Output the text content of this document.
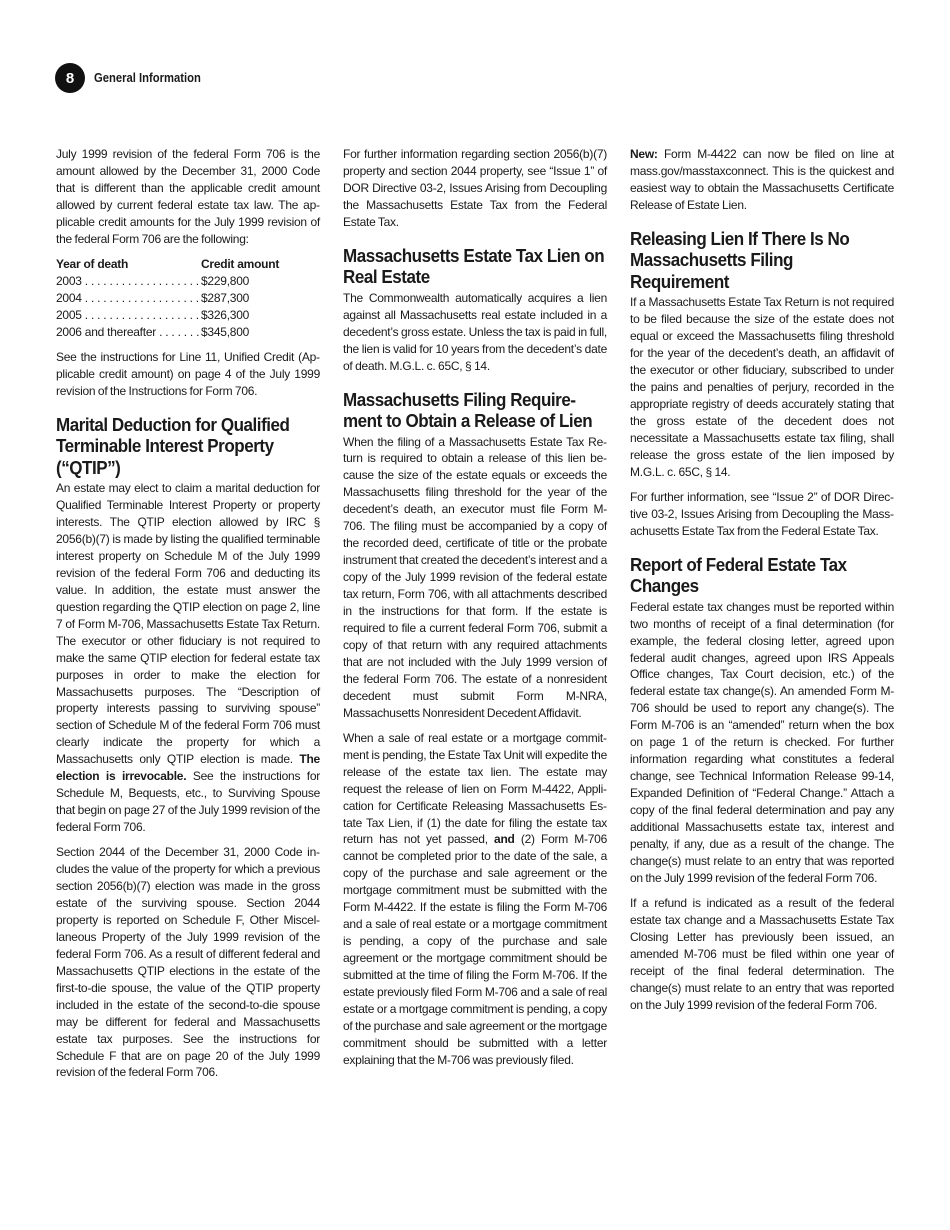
8	General Information

July 1999 revision of the federal Form 706 is the amount allowed by the December 31, 2000 Code that is different than the applicable credit amount allowed by current federal estate tax law. The applicable credit amounts for the July 1999 revision of the federal Form 706 are the following:

Year of death	Credit amount
2003 . . .	$229,800
2004 . . .	$287,300
2005 . . .	$326,300
2006 and thereafter . . .	$345,800

See the instructions for Line 11, Unified Credit (Applicable credit amount) on page 4 of the July 1999 revision of the Instructions for Form 706.

Marital Deduction for Qualified Terminable Interest Property (“QTIP”)

An estate may elect to claim a marital deduction for Qualified Terminable Interest Property or property interests. The QTIP election allowed by IRC § 2056(b)(7) is made by listing the qualified terminable interest property on Schedule M of the July 1999 revision of the federal Form 706 and deducting its value. In addition, the estate must answer the question regarding the QTIP election on page 2, line 7 of Form M-706, Massachusetts Estate Tax Return. The executor or other fiduciary is not required to make the same QTIP election for federal estate tax purposes in order to make the election for Massachusetts purposes. The “Description of property interests passing to surviving spouse” section of Schedule M of the federal Form 706 must clearly indicate the property for which a Massachusetts only QTIP election is made. The election is irrevocable. See the instructions for Schedule M, Bequests, etc., to Surviving Spouse that begin on page 27 of the July 1999 revision of the federal Form 706.

Section 2044 of the December 31, 2000 Code includes the value of the property for which a previous section 2056(b)(7) election was made in the gross estate of the surviving spouse. Section 2044 property is reported on Schedule F, Other Miscellaneous Property of the July 1999 revision of the federal Form 706. As a result of different federal and Massachusetts QTIP elections in the estate of the first-to-die spouse, the value of the QTIP property included in the estate of the second-to-die spouse may be different for federal and Massachusetts estate tax purposes. See the instructions for Schedule F that are on page 20 of the July 1999 revision of the federal Form 706.

For further information regarding section 2056(b)(7) property and section 2044 property, see “Issue 1” of DOR Directive 03-2, Issues Arising from Decoupling the Massachusetts Estate Tax from the Federal Estate Tax.

Massachusetts Estate Tax Lien on Real Estate

The Commonwealth automatically acquires a lien against all Massachusetts real estate included in a decedent’s gross estate. Unless the tax is paid in full, the lien is valid for 10 years from the decedent’s date of death. M.G.L. c. 65C, § 14.

Massachusetts Filing Requirement to Obtain a Release of Lien

When the filing of a Massachusetts Estate Tax Return is required to obtain a release of this lien because the size of the estate equals or exceeds the Massachusetts filing threshold for the year of the decedent’s death, an executor must file Form M-706. The filing must be accompanied by a copy of the recorded deed, certificate of title or the probate instrument that created the decedent’s interest and a copy of the July 1999 revision of the federal estate tax return, Form 706, with all attachments described in the instructions for that form. If the estate is required to file a current federal Form 706, submit a copy of that return with any required attachments that are not included with the July 1999 version of the federal Form 706. The estate of a nonresident decedent must submit Form M-NRA, Massachusetts Nonresident Decedent Affidavit.

When a sale of real estate or a mortgage commitment is pending, the Estate Tax Unit will expedite the release of the estate tax lien. The estate may request the release of lien on Form M-4422, Application for Certificate Releasing Massachusetts Estate Tax Lien, if (1) the date for filing the estate tax return has not yet passed, and (2) Form M-706 cannot be completed prior to the date of the sale, a copy of the purchase and sale agreement or the mortgage commitment must be submitted with the Form M-4422. If the estate is filing the Form M-706 and a sale of real estate or a mortgage commitment is pending, a copy of the purchase and sale agreement or the mortgage commitment should be submitted at the time of filing the Form M-706. If the estate previously filed Form M-706 and a sale of real estate or a mortgage commitment is pending, a copy of the purchase and sale agreement or the mortgage commitment should be submitted with a letter explaining that the M-706 was previously filed.

New: Form M-4422 can now be filed on line at mass.gov/masstaxconnect. This is the quickest and easiest way to obtain the Massachusetts Certificate Release of Estate Lien.

Releasing Lien If There Is No Massachusetts Filing Requirement

If a Massachusetts Estate Tax Return is not required to be filed because the size of the estate does not equal or exceed the Massachusetts filing threshold for the year of the decedent’s death, an affidavit of the executor or other fiduciary, subscribed to under the pains and penalties of perjury, recorded in the appropriate registry of deeds accurately stating that the gross estate of the decedent does not necessitate a Massachusetts estate tax filing, shall release the gross estate of the lien imposed by M.G.L. c. 65C, § 14.

For further information, see “Issue 2” of DOR Directive 03-2, Issues Arising from Decoupling the Massachusetts Estate Tax from the Federal Estate Tax.

Report of Federal Estate Tax Changes

Federal estate tax changes must be reported within two months of receipt of a final determination (for example, the federal closing letter, agreed upon federal audit changes, agreed upon IRS Appeals Office changes, Tax Court decision, etc.) of the federal estate tax change(s). An amended Form M-706 should be used to report any change(s). The Form M-706 is an “amended” return when the box on page 1 of the return is checked. For further information regarding what constitutes a federal change, see Technical Information Release 99-14, Expanded Definition of “Federal Change.” Attach a copy of the final federal determination and pay any additional Massachusetts estate tax, interest and penalty, if any, due as a result of the change. The change(s) must relate to an entry that was reported on the July 1999 revision of the federal Form 706.

If a refund is indicated as a result of the federal estate tax change and a Massachusetts Estate Tax Closing Letter has previously been issued, an amended M-706 must be filed within one year of receipt of the final federal determination. The change(s) must relate to an entry that was reported on the July 1999 revision of the federal Form 706.
